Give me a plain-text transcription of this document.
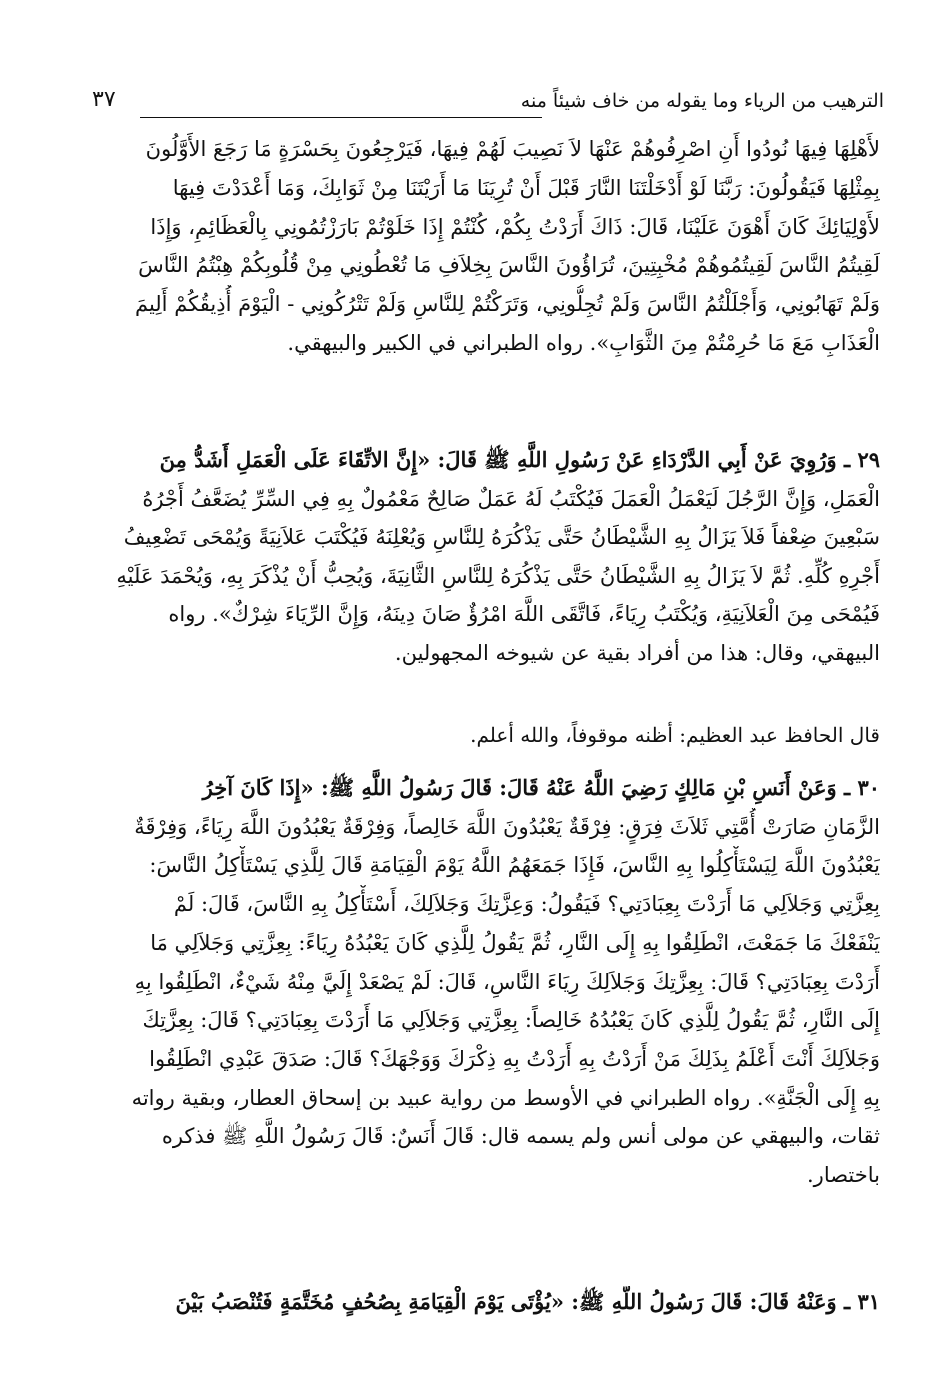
الترهيب من الرياء وما يقوله من خاف شيئاً منه
٣٧
لأَهْلِهَا فِيهَا نُودُوا أَنِ اصْرِفُوهُمْ عَنْهَا لاَ نَصِيبَ لَهُمْ فِيهَا، فَيَرْجِعُونَ بِحَسْرَةٍ مَا رَجَعَ الأَوَّلُونَ
بِمِثْلِهَا فَيَقُولُونَ: رَبَّنَا لَوْ أَدْخَلْتَنَا النَّارَ قَبْلَ أَنْ تُرِيَنَا مَا أَرَيْتَنَا مِنْ ثَوَابِكَ، وَمَا أَعْدَدْتَ فِيهَا
لأَوْلِيَائِكَ كَانَ أَهْوَنَ عَلَيْنَا، قَالَ: ذَاكَ أَرَدْتُ بِكُمْ، كُنْتُمْ إِذَا خَلَوْتُمْ بَارَزْتُمُونِي بِالْعَظَائِمِ، وَإِذَا
لَقِيتُمُ النَّاسَ لَقِيتُمُوهُمْ مُخْبِتِينَ، تُرَاؤُونَ النَّاسَ بِخِلاَفِ مَا تُعْطُونِي مِنْ قُلُوبِكُمْ هِبْتُمُ النَّاسَ
وَلَمْ تَهَابُونِي، وَأَجْلَلْتُمُ النَّاسَ وَلَمْ تُجِلُّونِي، وَتَرَكْتُمْ لِلنَّاسِ وَلَمْ تَتْرُكُونِي - الْيَوْمَ أُذِيقُكُمْ أَلِيمَ
الْعَذَابِ مَعَ مَا حُرِمْتُمْ مِنَ الثَّوَابِ». رواه الطبراني في الكبير والبيهقي.
٢٩ ـ وَرُوِيَ عَنْ أَبِي الدَّرْدَاءِ عَنْ رَسُولِ اللَّهِ ﷺ قَالَ: «إِنَّ الاتِّقَاءَ عَلَى الْعَمَلِ أَشَدُّ مِنَ
الْعَمَلِ، وَإِنَّ الرَّجُلَ لَيَعْمَلُ الْعَمَلَ فَيُكْتَبُ لَهُ عَمَلٌ صَالِحٌ مَعْمُولٌ بِهِ فِي السِّرِّ يُضَعَّفُ أَجْرُهُ
سَبْعِينَ ضِعْفاً فَلاَ يَزَالُ بِهِ الشَّيْطَانُ حَتَّى يَذْكُرَهُ لِلنَّاسِ وَيُعْلِنَهُ فَيُكْتَبَ عَلاَنِيَةً وَيُمْحَى تَضْعِيفُ
أَجْرِهِ كُلِّهِ. ثُمَّ لاَ يَزَالُ بِهِ الشَّيْطَانُ حَتَّى يَذْكُرَهُ لِلنَّاسِ الثَّانِيَةَ، وَيُحِبُّ أَنْ يُذْكَرَ بِهِ، وَيُحْمَدَ عَلَيْهِ
فَيُمْحَى مِنَ الْعَلاَنِيَةِ، وَيُكْتَبُ رِيَاءً، فَاتَّقَى اللَّهَ امْرُؤٌ صَانَ دِينَهُ، وَإِنَّ الرِّيَاءَ شِرْكٌ». رواه
البيهقي، وقال: هذا من أفراد بقية عن شيوخه المجهولين.
قال الحافظ عبد العظيم: أظنه موقوفاً، والله أعلم.
٣٠ ـ وَعَنْ أَنَسِ بْنِ مَالِكٍ رَضِيَ اللَّهُ عَنْهُ قَالَ: قَالَ رَسُولُ اللَّهِ ﷺ: «إِذَا كَانَ آخِرُ
الزَّمَانِ صَارَتْ أُمَّتِي ثَلاَثَ فِرَقٍ: فِرْقَةٌ يَعْبُدُونَ اللَّهَ خَالِصاً، وَفِرْقَةٌ يَعْبُدُونَ اللَّهَ رِيَاءً، وَفِرْقَةٌ
يَعْبُدُونَ اللَّهَ لِيَسْتَأْكِلُوا بِهِ النَّاسَ، فَإِذَا جَمَعَهُمُ اللَّهُ يَوْمَ الْقِيَامَةِ قَالَ لِلَّذِي يَسْتَأْكِلُ النَّاسَ:
بِعِزَّتِي وَجَلاَلِي مَا أَرَدْتَ بِعِبَادَتِي؟ فَيَقُولُ: وَعِزَّتِكَ وَجَلاَلِكَ، أَسْتَأْكِلُ بِهِ النَّاسَ، قَالَ: لَمْ
يَنْفَعْكَ مَا جَمَعْتَ، انْطَلِقُوا بِهِ إِلَى النَّارِ، ثُمَّ يَقُولُ لِلَّذِي كَانَ يَعْبُدُهُ رِيَاءً: بِعِزَّتِي وَجَلاَلِي مَا
أَرَدْتَ بِعِبَادَتِي؟ قَالَ: بِعِزَّتِكَ وَجَلاَلِكَ رِيَاءَ النَّاسِ، قَالَ: لَمْ يَصْعَدْ إِلَيَّ مِنْهُ شَيْءٌ، انْطَلِقُوا بِهِ
إِلَى النَّارِ، ثُمَّ يَقُولُ لِلَّذِي كَانَ يَعْبُدُهُ خَالِصاً: بِعِزَّتِي وَجَلاَلِي مَا أَرَدْتَ بِعِبَادَتِي؟ قَالَ: بِعِزَّتِكَ
وَجَلاَلِكَ أَنْتَ أَعْلَمُ بِذَلِكَ مَنْ أَرَدْتُ بِهِ أَرَدْتُ بِهِ ذِكْرَكَ وَوَجْهَكَ؟ قَالَ: صَدَقَ عَبْدِي انْطَلِقُوا
بِهِ إِلَى الْجَنَّةِ». رواه الطبراني في الأوسط من رواية عبيد بن إسحاق العطار، وبقية رواته
ثقات، والبيهقي عن مولى أنس ولم يسمه قال: قَالَ أَنَسٌ: قَالَ رَسُولُ اللَّهِ ﷺ فذكره
باختصار.
٣١ ـ وَعَنْهُ قَالَ: قَالَ رَسُولُ اللَّهِ ﷺ: «يُؤْتَى يَوْمَ الْقِيَامَةِ بِصُحُفٍ مُخَتَّمَةٍ فَتُنْصَبُ بَيْنَ
